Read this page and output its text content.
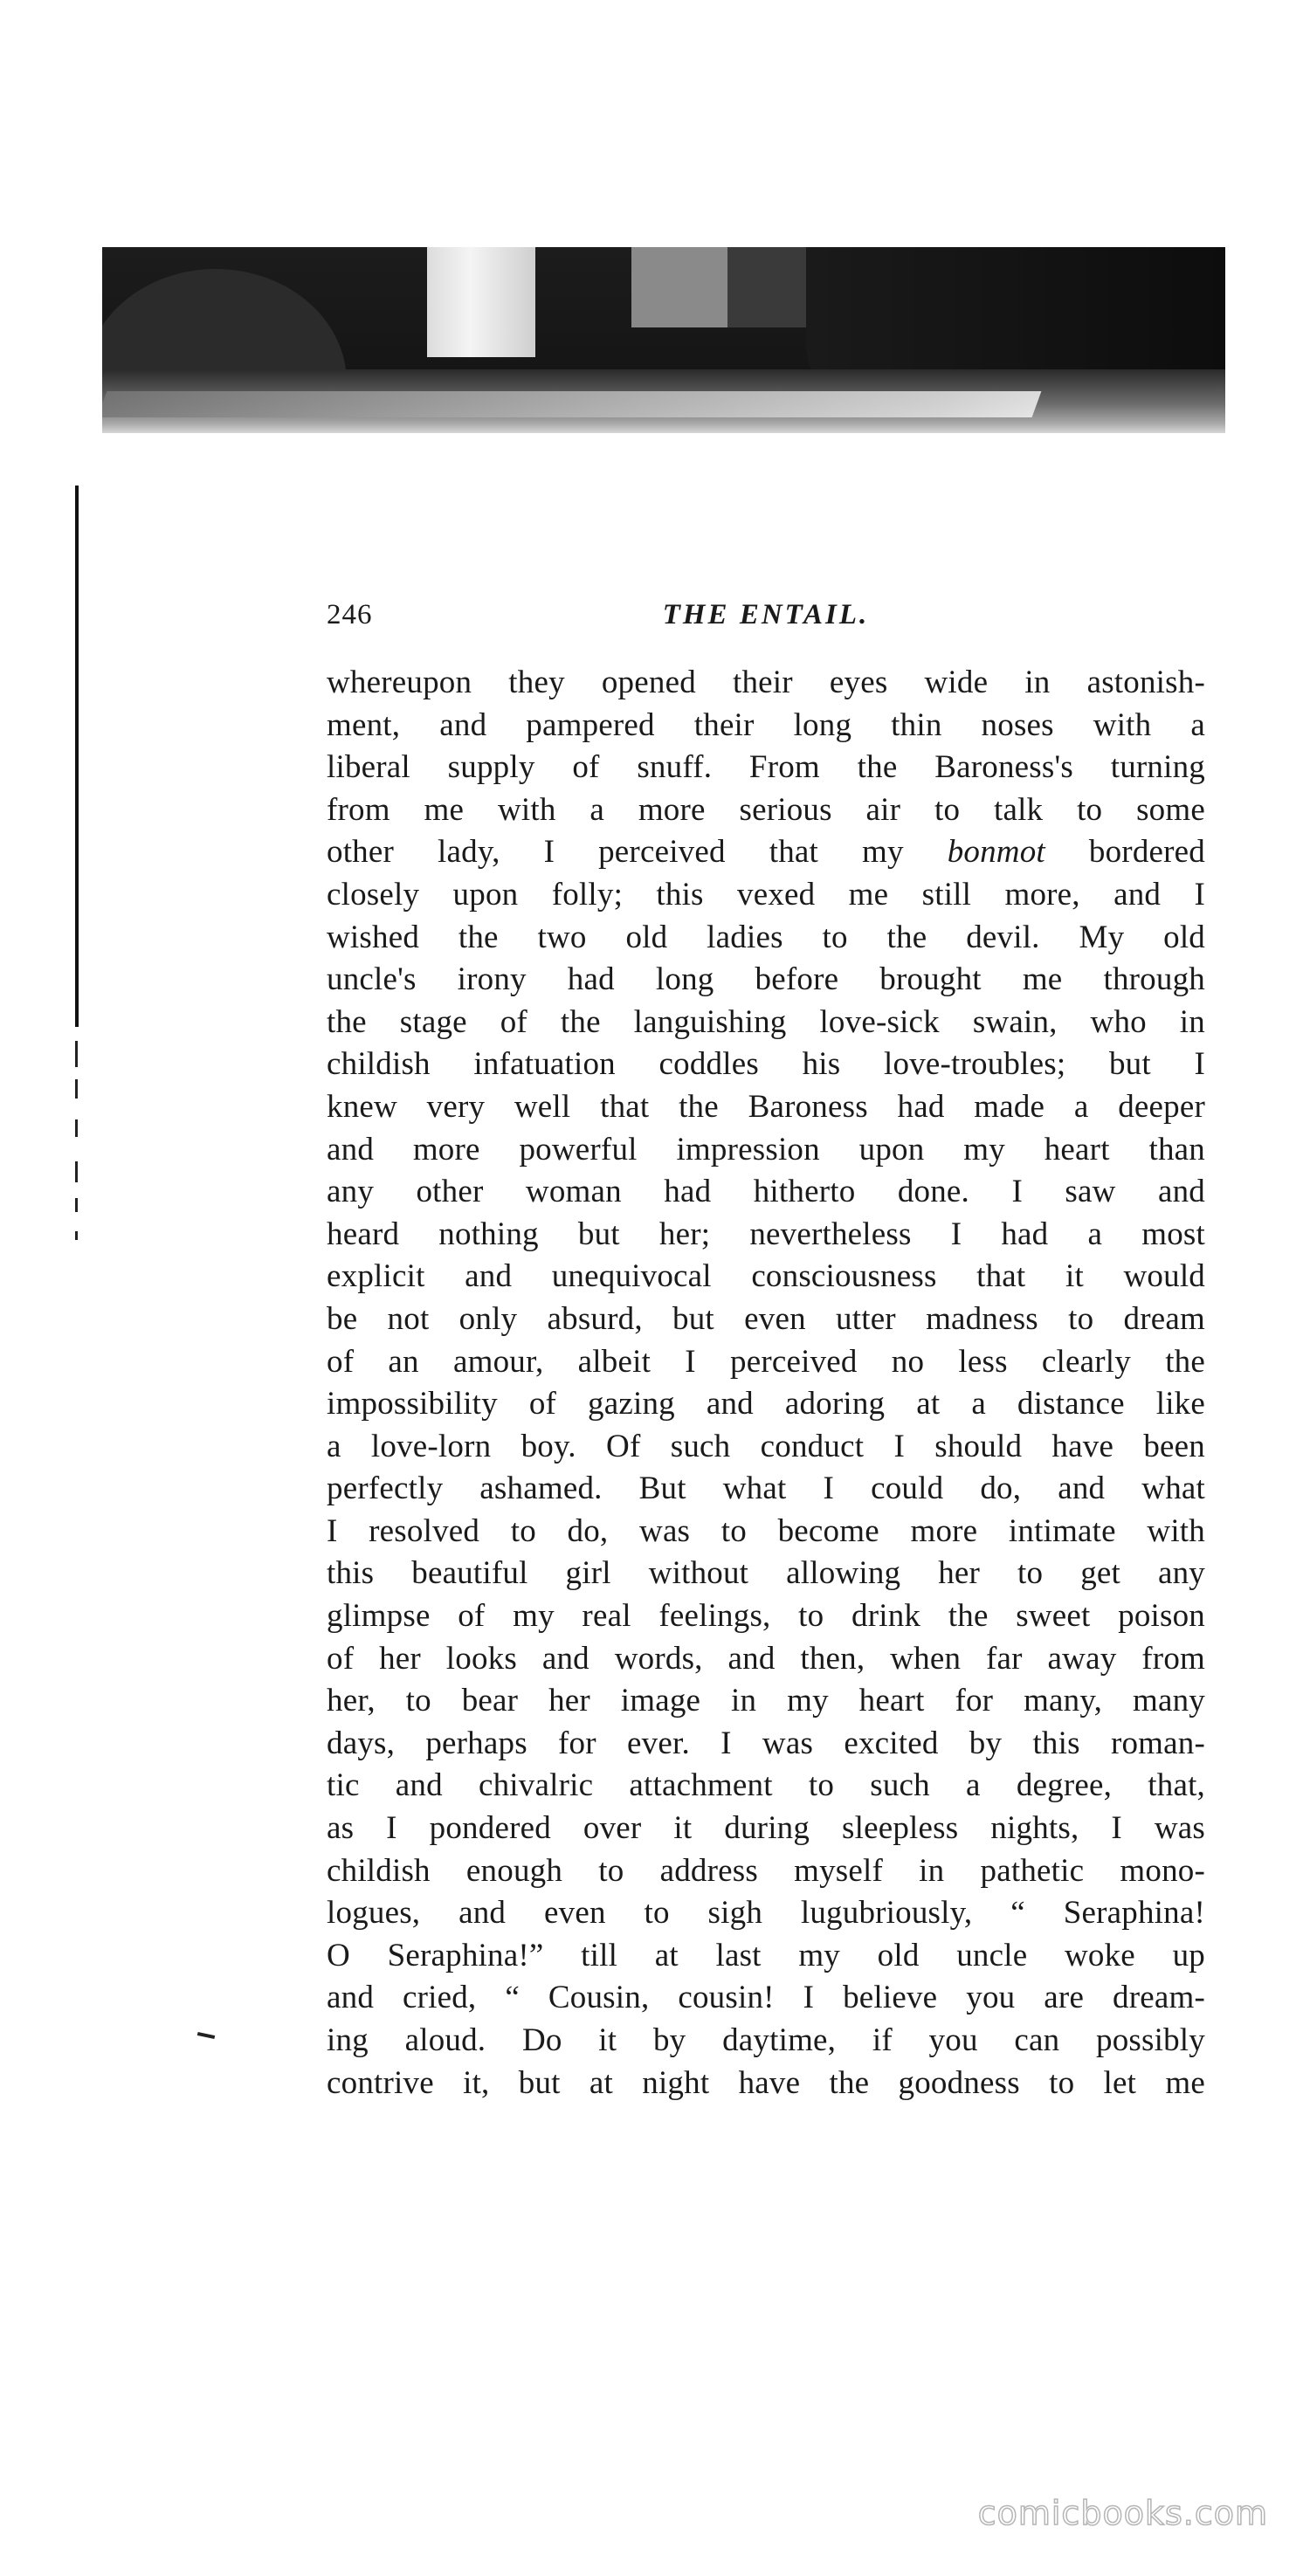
246	THE ENTAIL.
whereupon they opened their eyes wide in astonish-
ment, and pampered their long thin noses with a
liberal supply of snuff. From the Baroness's turning
from me with a more serious air to talk to some
other lady, I perceived that my bonmot bordered
closely upon folly; this vexed me still more, and I
wished the two old ladies to the devil. My old
uncle's irony had long before brought me through
the stage of the languishing love-sick swain, who in
childish infatuation coddles his love-troubles; but I
knew very well that the Baroness had made a deeper
and more powerful impression upon my heart than
any other woman had hitherto done. I saw and
heard nothing but her; nevertheless I had a most
explicit and unequivocal consciousness that it would
be not only absurd, but even utter madness to dream
of an amour, albeit I perceived no less clearly the
impossibility of gazing and adoring at a distance like
a love-lorn boy. Of such conduct I should have been
perfectly ashamed. But what I could do, and what
I resolved to do, was to become more intimate with
this beautiful girl without allowing her to get any
glimpse of my real feelings, to drink the sweet poison
of her looks and words, and then, when far away from
her, to bear her image in my heart for many, many
days, perhaps for ever. I was excited by this roman-
tic and chivalric attachment to such a degree, that,
as I pondered over it during sleepless nights, I was
childish enough to address myself in pathetic mono-
logues, and even to sigh lugubriously, “ Seraphina!
O Seraphina!” till at last my old uncle woke up
and cried, “ Cousin, cousin! I believe you are dream-
ing aloud. Do it by daytime, if you can possibly
contrive it, but at night have the goodness to let me
comicbooks.com
